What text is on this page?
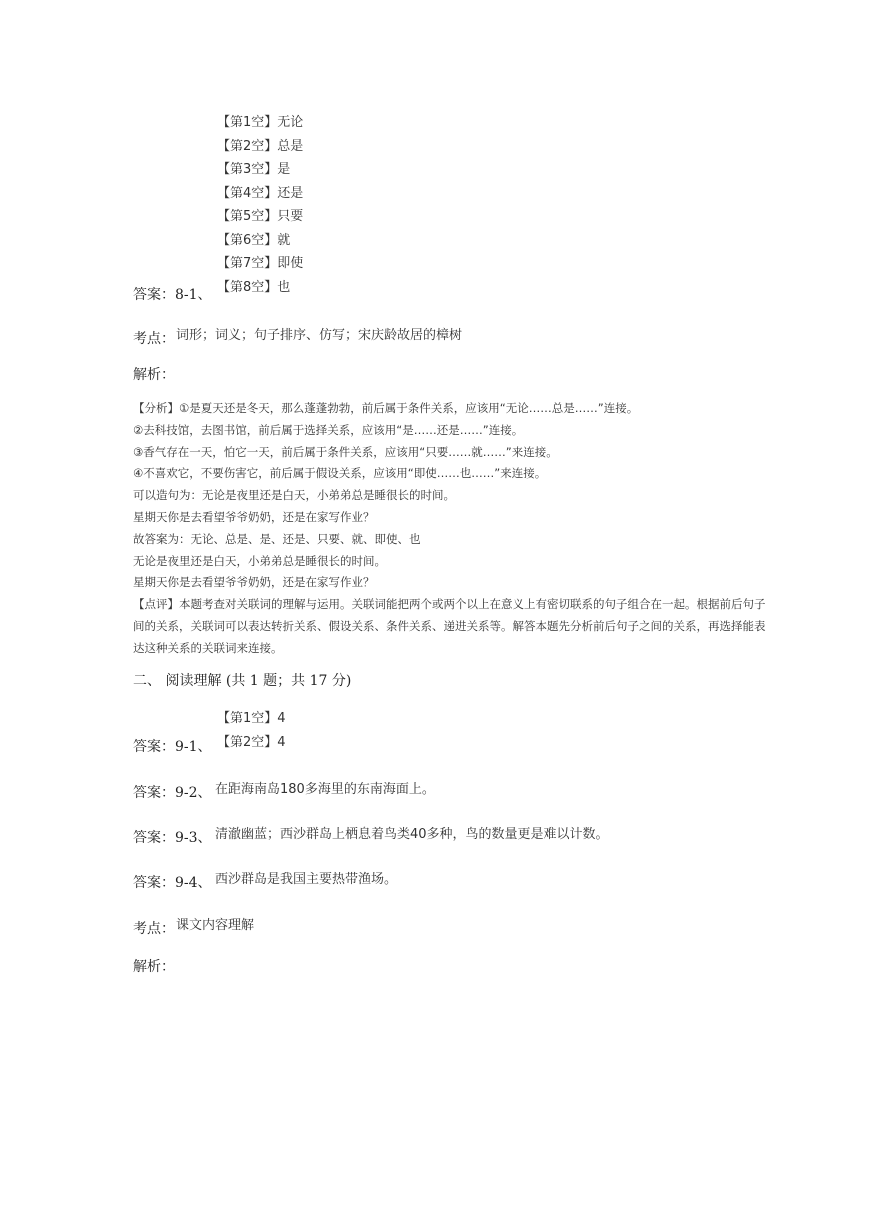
【第1空】无论
【第2空】总是
【第3空】是
【第4空】还是
【第5空】只要
【第6空】就
【第7空】即使
【第8空】也
答案：8-1、
考点： 词形；词义；句子排序、仿写；宋庆龄故居的樟树
解析：
【分析】①是夏天还是冬天，那么蓬蓬勃勃，前后属于条件关系，应该用“无论……总是……”连接。
②去科技馆，去图书馆，前后属于选择关系，应该用“是……还是……”连接。
③香气存在一天，怕它一天，前后属于条件关系，应该用“只要……就……”来连接。
④不喜欢它，不要伤害它，前后属于假设关系，应该用“即使……也……”来连接。
可以造句为：无论是夜里还是白天，小弟弟总是睡很长的时间。
星期天你是去看望爷爷奶奶，还是在家写作业？
故答案为：无论、总是、是、还是、只要、就、即使、也
无论是夜里还是白天，小弟弟总是睡很长的时间。
星期天你是去看望爷爷奶奶，还是在家写作业？
【点评】本题考查对关联词的理解与运用。关联词能把两个或两个以上在意义上有密切联系的句子组合在一起。根据前后句子
间的关系，关联词可以表达转折关系、假设关系、条件关系、递进关系等。解答本题先分析前后句子之间的关系，再选择能表
达这种关系的关联词来连接。
二、 阅读理解 (共 1 题；共 17 分)
【第1空】4
【第2空】4
答案：9-1、
答案：9-2、 在距海南岛180多海里的东南海面上。
答案：9-3、 清澈幽蓝；西沙群岛上栖息着鸟类40多种，鸟的数量更是难以计数。
答案：9-4、 西沙群岛是我国主要热带渔场。
考点： 课文内容理解
解析：
